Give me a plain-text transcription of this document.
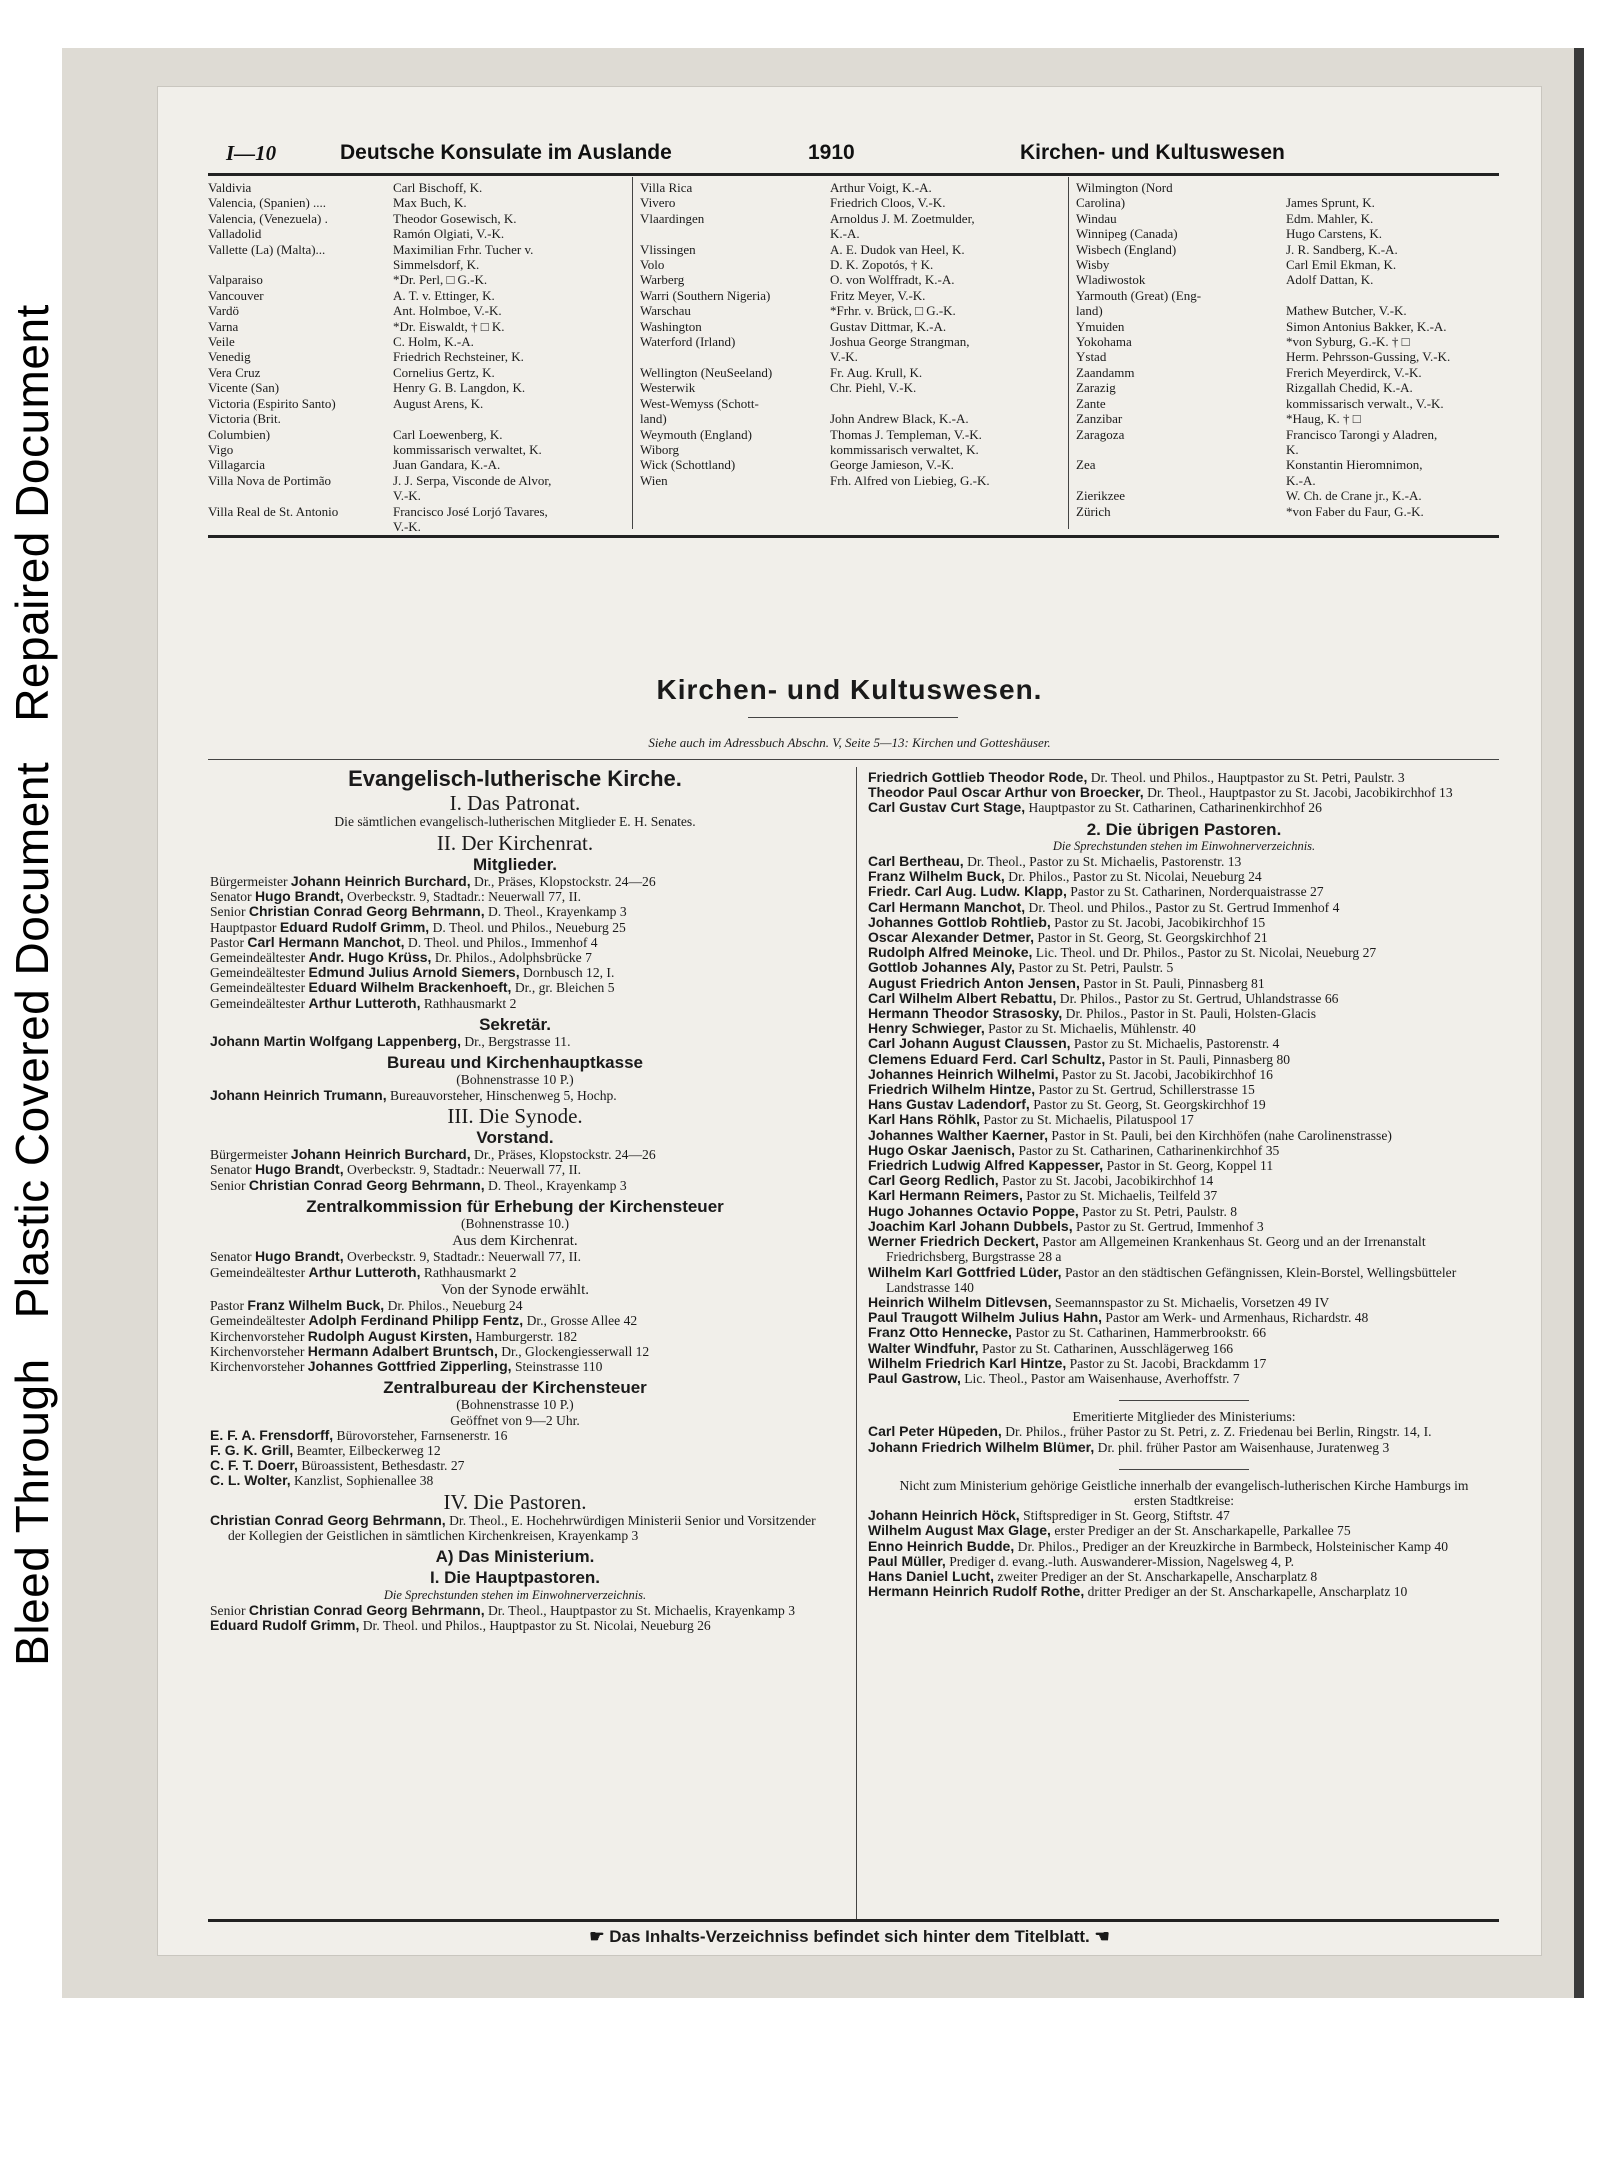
Bleed ThroughPlastic Covered DocumentRepaired Document
I—10	Deutsche Konsulate im Auslande	1910	Kirchen- und Kultuswesen
Valdivia	Carl Bischoff, K.
Valencia, (Spanien) ....	Max Buch, K.
Valencia, (Venezuela) .	Theodor Gosewisch, K.
Valladolid	Ramón Olgiati, V.-K.
Vallette (La) (Malta)...	Maximilian Frhr. Tucher v.
Simmelsdorf, K.
Valparaiso	*Dr. Perl, □ G.-K.
Vancouver	A. T. v. Ettinger, K.
Vardö	Ant. Holmboe, V.-K.
Varna	*Dr. Eiswaldt, † □ K.
Veile	C. Holm, K.-A.
Venedig	Friedrich Rechsteiner, K.
Vera Cruz	Cornelius Gertz, K.
Vicente (San)	Henry G. B. Langdon, K.
Victoria (Espirito Santo)	August Arens, K.
Victoria (Brit.
Columbien)	Carl Loewenberg, K.
Vigo	kommissarisch verwaltet, K.
Villagarcia	Juan Gandara, K.-A.
Villa Nova de Portimão	J. J. Serpa, Visconde de Alvor,
V.-K.
Villa Real de St. Antonio	Francisco José Lorjó Tavares,
V.-K.
Villa Rica	Arthur Voigt, K.-A.
Vivero	Friedrich Cloos, V.-K.
Vlaardingen	Arnoldus J. M. Zoetmulder,
K.-A.
Vlissingen	A. E. Dudok van Heel, K.
Volo	D. K. Zopotós, † K.
Warberg	O. von Wolffradt, K.-A.
Warri (Southern Nigeria)	Fritz Meyer, V.-K.
Warschau	*Frhr. v. Brück, □ G.-K.
Washington	Gustav Dittmar, K.-A.
Waterford (Irland)	Joshua George Strangman,
V.-K.
Wellington (NeuSeeland)	Fr. Aug. Krull, K.
Westerwik	Chr. Piehl, V.-K.
West-Wemyss (Schott-
land)	John Andrew Black, K.-A.
Weymouth (England)	Thomas J. Templeman, V.-K.
Wiborg	kommissarisch verwaltet, K.
Wick (Schottland)	George Jamieson, V.-K.
Wien	Frh. Alfred von Liebieg, G.-K.
Wilmington (Nord
Carolina)	James Sprunt, K.
Windau	Edm. Mahler, K.
Winnipeg (Canada)	Hugo Carstens, K.
Wisbech (England)	J. R. Sandberg, K.-A.
Wisby	Carl Emil Ekman, K.
Wladiwostok	Adolf Dattan, K.
Yarmouth (Great) (Eng-
land)	Mathew Butcher, V.-K.
Ymuiden	Simon Antonius Bakker, K.-A.
Yokohama	*von Syburg, G.-K. † □
Ystad	Herm. Pehrsson-Gussing, V.-K.
Zaandamm	Frerich Meyerdirck, V.-K.
Zarazig	Rizgallah Chedid, K.-A.
Zante	kommissarisch verwalt., V.-K.
Zanzibar	*Haug, K. † □
Zaragoza	Francisco Tarongi y Aladren,
K.
Zea	Konstantin Hieromnimon,
K.-A.
Zierikzee	W. Ch. de Crane jr., K.-A.
Zürich	*von Faber du Faur, G.-K.
Kirchen- und Kultuswesen.
Siehe auch im Adressbuch Abschn. V, Seite 5—13: Kirchen und Gotteshäuser.
Evangelisch-lutherische Kirche.
I. Das Patronat.
Die sämtlichen evangelisch-lutherischen Mitglieder E. H. Senates.
II. Der Kirchenrat.
Mitglieder.
Bürgermeister Johann Heinrich Burchard, Dr., Präses, Klopstockstr. 24—26
Senator Hugo Brandt, Overbeckstr. 9, Stadtadr.: Neuerwall 77, II.
Senior Christian Conrad Georg Behrmann, D. Theol., Krayenkamp 3
Hauptpastor Eduard Rudolf Grimm, D. Theol. und Philos., Neueburg 25
Pastor Carl Hermann Manchot, D. Theol. und Philos., Immenhof 4
Gemeindeältester Andr. Hugo Krüss, Dr. Philos., Adolphsbrücke 7
Gemeindeältester Edmund Julius Arnold Siemers, Dornbusch 12, I.
Gemeindeältester Eduard Wilhelm Brackenhoeft, Dr., gr. Bleichen 5
Gemeindeältester Arthur Lutteroth, Rathhausmarkt 2
Sekretär.
Johann Martin Wolfgang Lappenberg, Dr., Bergstrasse 11.
Bureau und Kirchenhauptkasse
(Bohnenstrasse 10 P.)
Johann Heinrich Trumann, Bureauvorsteher, Hinschenweg 5, Hochp.
III. Die Synode.
Vorstand.
Bürgermeister Johann Heinrich Burchard, Dr., Präses, Klopstockstr. 24—26
Senator Hugo Brandt, Overbeckstr. 9, Stadtadr.: Neuerwall 77, II.
Senior Christian Conrad Georg Behrmann, D. Theol., Krayenkamp 3
Zentralkommission für Erhebung der Kirchensteuer
(Bohnenstrasse 10.)
Aus dem Kirchenrat.
Senator Hugo Brandt, Overbeckstr. 9, Stadtadr.: Neuerwall 77, II.
Gemeindeältester Arthur Lutteroth, Rathhausmarkt 2
Von der Synode erwählt.
Pastor Franz Wilhelm Buck, Dr. Philos., Neueburg 24
Gemeindeältester Adolph Ferdinand Philipp Fentz, Dr., Grosse Allee 42
Kirchenvorsteher Rudolph August Kirsten, Hamburgerstr. 182
Kirchenvorsteher Hermann Adalbert Bruntsch, Dr., Glockengiesserwall 12
Kirchenvorsteher Johannes Gottfried Zipperling, Steinstrasse 110
Zentralbureau der Kirchensteuer
(Bohnenstrasse 10 P.)
Geöffnet von 9—2 Uhr.
E. F. A. Frensdorff, Bürovorsteher, Farnsenerstr. 16
F. G. K. Grill, Beamter, Eilbeckerweg 12
C. F. T. Doerr, Büroassistent, Bethesdastr. 27
C. L. Wolter, Kanzlist, Sophienallee 38
IV. Die Pastoren.
Christian Conrad Georg Behrmann, Dr. Theol., E. Hochehrwürdigen Ministerii Senior und Vorsitzender der Kollegien der Geistlichen in sämtlichen Kirchenkreisen, Krayenkamp 3
A) Das Ministerium.
I. Die Hauptpastoren.
Die Sprechstunden stehen im Einwohnerverzeichnis.
Senior Christian Conrad Georg Behrmann, Dr. Theol., Hauptpastor zu St. Michaelis, Krayenkamp 3
Eduard Rudolf Grimm, Dr. Theol. und Philos., Hauptpastor zu St. Nicolai, Neueburg 26
Friedrich Gottlieb Theodor Rode, Dr. Theol. und Philos., Hauptpastor zu St. Petri, Paulstr. 3
Theodor Paul Oscar Arthur von Broecker, Dr. Theol., Hauptpastor zu St. Jacobi, Jacobikirchhof 13
Carl Gustav Curt Stage, Hauptpastor zu St. Catharinen, Catharinenkirchhof 26
2. Die übrigen Pastoren.
Die Sprechstunden stehen im Einwohnerverzeichnis.
Carl Bertheau, Dr. Theol., Pastor zu St. Michaelis, Pastorenstr. 13
Franz Wilhelm Buck, Dr. Philos., Pastor zu St. Nicolai, Neueburg 24
Friedr. Carl Aug. Ludw. Klapp, Pastor zu St. Catharinen, Norderquaistrasse 27
Carl Hermann Manchot, Dr. Theol. und Philos., Pastor zu St. Gertrud Immenhof 4
Johannes Gottlob Rohtlieb, Pastor zu St. Jacobi, Jacobikirchhof 15
Oscar Alexander Detmer, Pastor in St. Georg, St. Georgskirchhof 21
Rudolph Alfred Meinoke, Lic. Theol. und Dr. Philos., Pastor zu St. Nicolai, Neueburg 27
Gottlob Johannes Aly, Pastor zu St. Petri, Paulstr. 5
August Friedrich Anton Jensen, Pastor in St. Pauli, Pinnasberg 81
Carl Wilhelm Albert Rebattu, Dr. Philos., Pastor zu St. Gertrud, Uhlandstrasse 66
Hermann Theodor Strasosky, Dr. Philos., Pastor in St. Pauli, Holsten-Glacis
Henry Schwieger, Pastor zu St. Michaelis, Mühlenstr. 40
Carl Johann August Claussen, Pastor zu St. Michaelis, Pastorenstr. 4
Clemens Eduard Ferd. Carl Schultz, Pastor in St. Pauli, Pinnasberg 80
Johannes Heinrich Wilhelmi, Pastor zu St. Jacobi, Jacobikirchhof 16
Friedrich Wilhelm Hintze, Pastor zu St. Gertrud, Schillerstrasse 15
Hans Gustav Ladendorf, Pastor zu St. Georg, St. Georgskirchhof 19
Karl Hans Röhlk, Pastor zu St. Michaelis, Pilatuspool 17
Johannes Walther Kaerner, Pastor in St. Pauli, bei den Kirchhöfen (nahe Carolinenstrasse)
Hugo Oskar Jaenisch, Pastor zu St. Catharinen, Catharinenkirchhof 35
Friedrich Ludwig Alfred Kappesser, Pastor in St. Georg, Koppel 11
Carl Georg Redlich, Pastor zu St. Jacobi, Jacobikirchhof 14
Karl Hermann Reimers, Pastor zu St. Michaelis, Teilfeld 37
Hugo Johannes Octavio Poppe, Pastor zu St. Petri, Paulstr. 8
Joachim Karl Johann Dubbels, Pastor zu St. Gertrud, Immenhof 3
Werner Friedrich Deckert, Pastor am Allgemeinen Krankenhaus St. Georg und an der Irrenanstalt Friedrichsberg, Burgstrasse 28 a
Wilhelm Karl Gottfried Lüder, Pastor an den städtischen Gefängnissen, Klein-Borstel, Wellingsbütteler Landstrasse 140
Heinrich Wilhelm Ditlevsen, Seemannspastor zu St. Michaelis, Vorsetzen 49 IV
Paul Traugott Wilhelm Julius Hahn, Pastor am Werk- und Armenhaus, Richardstr. 48
Franz Otto Hennecke, Pastor zu St. Catharinen, Hammerbrookstr. 66
Walter Windfuhr, Pastor zu St. Catharinen, Ausschlägerweg 166
Wilhelm Friedrich Karl Hintze, Pastor zu St. Jacobi, Brackdamm 17
Paul Gastrow, Lic. Theol., Pastor am Waisenhause, Averhoffstr. 7
Emeritierte Mitglieder des Ministeriums:
Carl Peter Hüpeden, Dr. Philos., früher Pastor zu St. Petri, z. Z. Friedenau bei Berlin, Ringstr. 14, I.
Johann Friedrich Wilhelm Blümer, Dr. phil. früher Pastor am Waisenhause, Juratenweg 3
Nicht zum Ministerium gehörige Geistliche innerhalb der evangelisch-lutherischen Kirche Hamburgs im ersten Stadtkreise:
Johann Heinrich Höck, Stiftsprediger in St. Georg, Stiftstr. 47
Wilhelm August Max Glage, erster Prediger an der St. Anscharkapelle, Parkallee 75
Enno Heinrich Budde, Dr. Philos., Prediger an der Kreuzkirche in Barmbeck, Holsteinischer Kamp 40
Paul Müller, Prediger d. evang.-luth. Auswanderer-Mission, Nagelsweg 4, P.
Hans Daniel Lucht, zweiter Prediger an der St. Anscharkapelle, Anscharplatz 8
Hermann Heinrich Rudolf Rothe, dritter Prediger an der St. Anscharkapelle, Anscharplatz 10
☛ Das Inhalts-Verzeichniss befindet sich hinter dem Titelblatt. ☚
